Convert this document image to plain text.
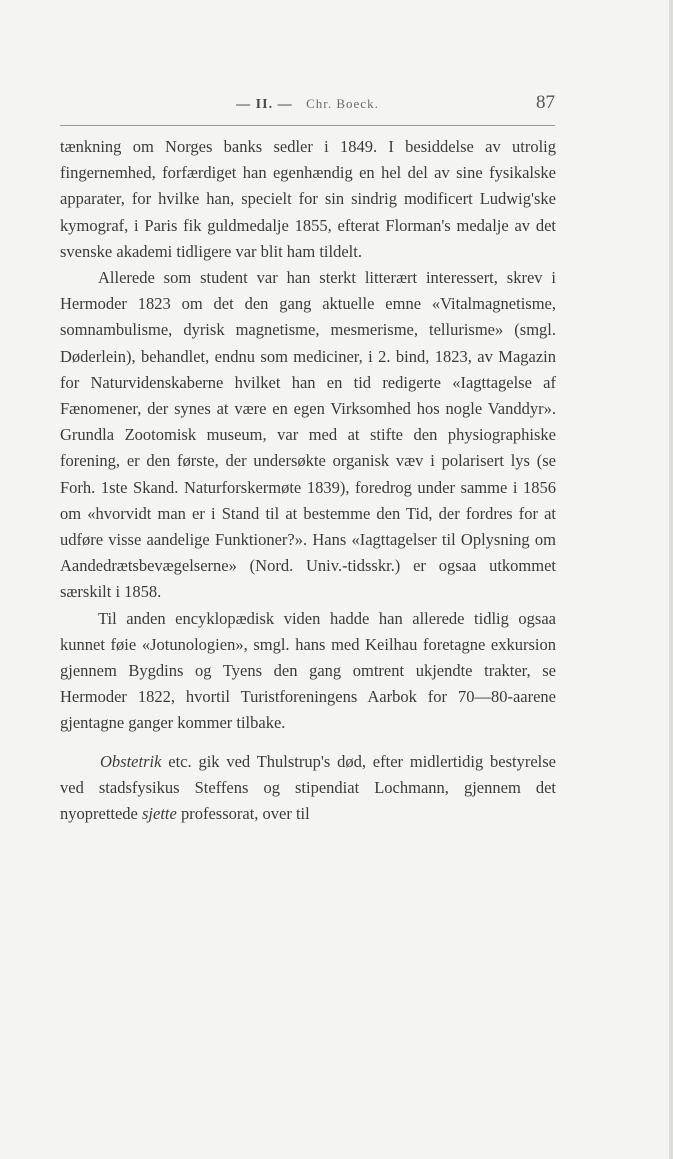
— II. — Chr. Boeck.	87

tænkning om Norges banks sedler i 1849. I besiddelse av utrolig fingernemhed, forfærdiget han egenhændig en hel del av sine fysikalske apparater, for hvilke han, specielt for sin sindrig modificert Ludwig'ske kymograf, i Paris fik guldmedalje 1855, efterat Florman's medalje av det svenske akademi tidligere var blit ham tildelt.

Allerede som student var han sterkt litterært interessert, skrev i Hermoder 1823 om det den gang aktuelle emne «Vitalmagnetisme, somnambulisme, dyrisk magnetisme, mesmerisme, tellurisme» (smgl. Døderlein), behandlet, endnu som mediciner, i 2. bind, 1823, av Magazin for Naturvidenskaberne hvilket han en tid redigerte «Iagttagelse af Fænomener, der synes at være en egen Virksomhed hos nogle Vanddyr». Grundla Zootomisk museum, var med at stifte den physiographiske forening, er den første, der undersøkte organisk væv i polarisert lys (se Forh. 1ste Skand. Naturforskermøte 1839), foredrog under samme i 1856 om «hvorvidt man er i Stand til at bestemme den Tid, der fordres for at udføre visse aandelige Funktioner?». Hans «Iagttagelser til Oplysning om Aandedrætsbevægelserne» (Nord. Univ.-tidsskr.) er ogsaa utkommet særskilt i 1858.

Til anden encyklopædisk viden hadde han allerede tidlig ogsaa kunnet føie «Jotunologien», smgl. hans med Keilhau foretagne exkursion gjennem Bygdins og Tyens den gang omtrent ukjendte trakter, se Hermoder 1822, hvortil Turistforeningens Aarbok for 70—80-aarene gjentagne ganger kommer tilbake.

Obstetrik etc. gik ved Thulstrup's død, efter midlertidig bestyrelse ved stadsfysikus Steffens og stipendiat Lochmann, gjennem det nyoprettede sjette professorat, over til
